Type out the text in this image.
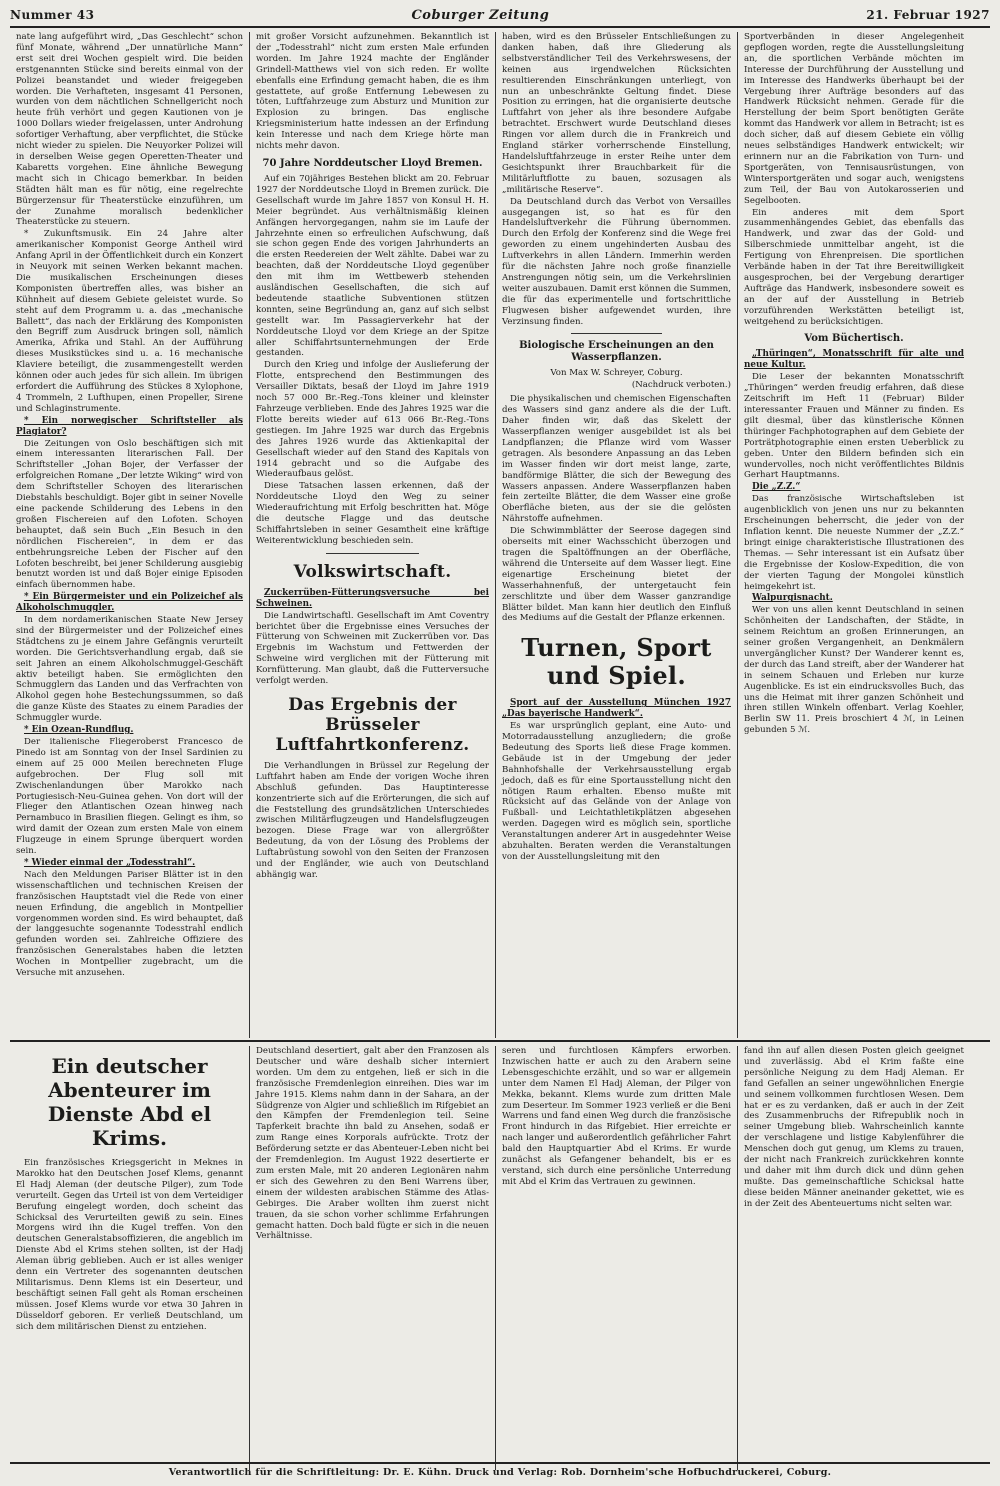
Nummer 43	Coburger Zeitung	21. Februar 1927

nate lang aufgeführt wird, „Das Geschlecht“ schon fünf Monate, während „Der unnatürliche Mann“ erst seit drei Wochen gespielt wird. Die beiden erstgenannten Stücke sind bereits einmal von der Polizei beanstandet und wieder freigegeben worden. Die Verhafteten, insgesamt 41 Personen, wurden von dem nächtlichen Schnellgericht noch heute früh verhört und gegen Kautionen von je 1000 Dollars wieder freigelassen, unter Androhung sofortiger Verhaftung, aber verpflichtet, die Stücke nicht wieder zu spielen. Die Neuyorker Polizei will in derselben Weise gegen Operetten-Theater und Kabaretts vorgehen. Eine ähnliche Bewegung macht sich in Chicago bemerkbar. In beiden Städten hält man es für nötig, eine regelrechte Bürgerzensur für Theaterstücke einzuführen, um der Zunahme moralisch bedenklicher Theaterstücke zu steuern.

* Zukunftsmusik. Ein 24 Jahre alter amerikanischer Komponist George Antheil wird Anfang April in der Öffentlichkeit durch ein Konzert in Neuyork mit seinen Werken bekannt machen. Die musikalischen Erscheinungen dieses Komponisten übertreffen alles, was bisher an Kühnheit auf diesem Gebiete geleistet wurde. So steht auf dem Programm u. a. das „mechanische Ballett“, das nach der Erklärung des Komponisten den Begriff zum Ausdruck bringen soll, nämlich Amerika, Afrika und Stahl. An der Aufführung dieses Musikstückes sind u. a. 16 mechanische Klaviere beteiligt, die zusammengestellt werden können oder auch jedes für sich allein. Im übrigen erfordert die Aufführung des Stückes 8 Xylophone, 4 Trommeln, 2 Lufthupen, einen Propeller, Sirene und Schlaginstrumente.

* Ein norwegischer Schriftsteller als Plagiator?

Die Zeitungen von Oslo beschäftigen sich mit einem interessanten literarischen Fall. Der Schriftsteller „Johan Bojer, der Verfasser der erfolgreichen Romane „Der letzte Wiking“ wird von dem Schriftsteller Schoyen des literarischen Diebstahls beschuldigt. Bojer gibt in seiner Novelle eine packende Schilderung des Lebens in den großen Fischereien auf den Lofoten. Schoyen behauptet, daß sein Buch „Ein Besuch in den nördlichen Fischereien“, in dem er das entbehrungsreiche Leben der Fischer auf den Lofoten beschreibt, bei jener Schilderung ausgiebig benutzt worden ist und daß Bojer einige Episoden einfach übernommen habe.

* Ein Bürgermeister und ein Polizeichef als Alkoholschmuggler.

In dem nordamerikanischen Staate New Jersey sind der Bürgermeister und der Polizeichef eines Städtchens zu je einem Jahre Gefängnis verurteilt worden. Die Gerichtsverhandlung ergab, daß sie seit Jahren an einem Alkoholschmuggel-Geschäft aktiv beteiligt haben. Sie ermöglichten den Schmugglern das Landen und das Verfrachten von Alkohol gegen hohe Bestechungssummen, so daß die ganze Küste des Staates zu einem Paradies der Schmuggler wurde.

* Ein Ozean-Rundflug.

Der italienische Fliegeroberst Francesco de Pinedo ist am Sonntag von der Insel Sardinien zu einem auf 25 000 Meilen berechneten Fluge aufgebrochen. Der Flug soll mit Zwischenlandungen über Marokko nach Portugiesisch-Neu-Guinea gehen. Von dort will der Flieger den Atlantischen Ozean hinweg nach Pernambuco in Brasilien fliegen. Gelingt es ihm, so wird damit der Ozean zum ersten Male von einem Flugzeuge in einem Sprunge überquert worden sein.

* Wieder einmal der „Todesstrahl“.

Nach den Meldungen Pariser Blätter ist in den wissenschaftlichen und technischen Kreisen der französischen Hauptstadt viel die Rede von einer neuen Erfindung, die angeblich in Montpellier vorgenommen worden sind. Es wird behauptet, daß der langgesuchte sogenannte Todesstrahl endlich gefunden worden sei. Zahlreiche Offiziere des französischen Generalstabes haben die letzten Wochen in Montpellier zugebracht, um die Versuche mit anzusehen.

mit großer Vorsicht aufzunehmen. Bekanntlich ist der „Todesstrahl“ nicht zum ersten Male erfunden worden. Im Jahre 1924 machte der Engländer Grindell-Matthews viel von sich reden. Er wollte ebenfalls eine Erfindung gemacht haben, die es ihm gestattete, auf große Entfernung Lebewesen zu töten, Luftfahrzeuge zum Absturz und Munition zur Explosion zu bringen. Das englische Kriegsministerium hatte indessen an der Erfindung kein Interesse und nach dem Kriege hörte man nichts mehr davon.

70 Jahre Norddeutscher Lloyd Bremen.

Auf ein 70jähriges Bestehen blickt am 20. Februar 1927 der Norddeutsche Lloyd in Bremen zurück. Die Gesellschaft wurde im Jahre 1857 von Konsul H. H. Meier begründet. Aus verhältnismäßig kleinen Anfängen hervorgegangen, nahm sie im Laufe der Jahrzehnte einen so erfreulichen Aufschwung, daß sie schon gegen Ende des vorigen Jahrhunderts an die ersten Reedereien der Welt zählte. Dabei war zu beachten, daß der Norddeutsche Lloyd gegenüber den mit ihm im Wettbewerb stehenden ausländischen Gesellschaften, die sich auf bedeutende staatliche Subventionen stützen konnten, seine Begründung an, ganz auf sich selbst gestellt war. Im Passagierverkehr hat der Norddeutsche Lloyd vor dem Kriege an der Spitze aller Schiffahrtsunternehmungen der Erde gestanden.

Durch den Krieg und infolge der Auslieferung der Flotte, entsprechend den Bestimmungen des Versailler Diktats, besaß der Lloyd im Jahre 1919 noch 57 000 Br.-Reg.-Tons kleiner und kleinster Fahrzeuge verblieben. Ende des Jahres 1925 war die Flotte bereits wieder auf 613 066 Br.-Reg.-Tons gestiegen. Im Jahre 1925 war durch das Ergebnis des Jahres 1926 wurde das Aktienkapital der Gesellschaft wieder auf den Stand des Kapitals von 1914 gebracht und so die Aufgabe des Wiederaufbaus gelöst.

Diese Tatsachen lassen erkennen, daß der Norddeutsche Lloyd den Weg zu seiner Wiederaufrichtung mit Erfolg beschritten hat. Möge die deutsche Flagge und das deutsche Schiffahrtsleben in seiner Gesamtheit eine kräftige Weiterentwicklung beschieden sein.

Volkswirtschaft.

Zuckerrüben-Fütterungsversuche bei Schweinen.

Die Landwirtschaftl. Gesellschaft im Amt Coventry berichtet über die Ergebnisse eines Versuches der Fütterung von Schweinen mit Zuckerrüben vor. Das Ergebnis im Wachstum und Fettwerden der Schweine wird verglichen mit der Fütterung mit Kornfütterung. Man glaubt, daß die Futterversuche verfolgt werden.

Das Ergebnis der Brüsseler Luftfahrtkonferenz.

Die Verhandlungen in Brüssel zur Regelung der Luftfahrt haben am Ende der vorigen Woche ihren Abschluß gefunden. Das Hauptinteresse konzentrierte sich auf die Erörterungen, die sich auf die Feststellung des grundsätzlichen Unterschiedes zwischen Militärflugzeugen und Handelsflugzeugen bezogen. Diese Frage war von allergrößter Bedeutung, da von der Lösung des Problems der Luftabrüstung sowohl von den Seiten der Franzosen und der Engländer, wie auch von Deutschland abhängig war.

haben, wird es den Brüsseler Entschließungen zu danken haben, daß ihre Gliederung als selbstverständlicher Teil des Verkehrswesens, der keinen aus irgendwelchen Rücksichten resultierenden Einschränkungen unterliegt, von nun an unbeschränkte Geltung findet. Diese Position zu erringen, hat die organisierte deutsche Luftfahrt von jeher als ihre besondere Aufgabe betrachtet. Erschwert wurde Deutschland dieses Ringen vor allem durch die in Frankreich und England stärker vorherrschende Einstellung, Handelsluftfahrzeuge in erster Reihe unter dem Gesichtspunkt ihrer Brauchbarkeit für die Militärluftflotte zu bauen, sozusagen als „militärische Reserve“.

Da Deutschland durch das Verbot von Versailles ausgegangen ist, so hat es für den Handelsluftverkehr die Führung übernommen. Durch den Erfolg der Konferenz sind die Wege frei geworden zu einem ungehinderten Ausbau des Luftverkehrs in allen Ländern. Immerhin werden für die nächsten Jahre noch große finanzielle Anstrengungen nötig sein, um die Verkehrslinien weiter auszubauen. Damit erst können die Summen, die für das experimentelle und fortschrittliche Flugwesen bisher aufgewendet wurden, ihre Verzinsung finden.

Biologische Erscheinungen an den Wasserpflanzen.
Von Max W. Schreyer, Coburg.
(Nachdruck verboten.)

Die physikalischen und chemischen Eigenschaften des Wassers sind ganz andere als die der Luft. Daher finden wir, daß das Skelett der Wasserpflanzen weniger ausgebildet ist als bei Landpflanzen; die Pflanze wird vom Wasser getragen. Als besondere Anpassung an das Leben im Wasser finden wir dort meist lange, zarte, bandförmige Blätter, die sich der Bewegung des Wassers anpassen. Andere Wasserpflanzen haben fein zerteilte Blätter, die dem Wasser eine große Oberfläche bieten, aus der sie die gelösten Nährstoffe aufnehmen.

Die Schwimmblätter der Seerose dagegen sind oberseits mit einer Wachsschicht überzogen und tragen die Spaltöffnungen an der Oberfläche, während die Unterseite auf dem Wasser liegt. Eine eigenartige Erscheinung bietet der Wasserhahnenfuß, der untergetaucht fein zerschlitzte und über dem Wasser ganzrandige Blätter bildet. Man kann hier deutlich den Einfluß des Mediums auf die Gestalt der Pflanze erkennen.

Turnen, Sport und Spiel.

Sport auf der Ausstellung München 1927 „Das bayerische Handwerk“.

Es war ursprünglich geplant, eine Auto- und Motorradausstellung anzugliedern; die große Bedeutung des Sports ließ diese Frage kommen. Gebäude ist in der Umgebung der jeder Bahnhofshalle der Verkehrsausstellung ergab jedoch, daß es für eine Sportausstellung nicht den nötigen Raum erhalten. Ebenso mußte mit Rücksicht auf das Gelände von der Anlage von Fußball- und Leichtathletikplätzen abgesehen werden. Dagegen wird es möglich sein, sportliche Veranstaltungen anderer Art in ausgedehnter Weise abzuhalten. Beraten werden die Veranstaltungen von der Ausstellungsleitung mit den

Sportverbänden in dieser Angelegenheit gepflogen worden, regte die Ausstellungsleitung an, die sportlichen Verbände möchten im Interesse der Durchführung der Ausstellung und im Interesse des Handwerks überhaupt bei der Vergebung ihrer Aufträge besonders auf das Handwerk Rücksicht nehmen. Gerade für die Herstellung der beim Sport benötigten Geräte kommt das Handwerk vor allem in Betracht; ist es doch sicher, daß auf diesem Gebiete ein völlig neues selbständiges Handwerk entwickelt; wir erinnern nur an die Fabrikation von Turn- und Sportgeräten, von Tennisausrüstungen, von Wintersportgeräten und sogar auch, wenigstens zum Teil, der Bau von Autokarosserien und Segelbooten.

Ein anderes mit dem Sport zusammenhängendes Gebiet, das ebenfalls das Handwerk, und zwar das der Gold- und Silberschmiede unmittelbar angeht, ist die Fertigung von Ehrenpreisen. Die sportlichen Verbände haben in der Tat ihre Bereitwilligkeit ausgesprochen, bei der Vergebung derartiger Aufträge das Handwerk, insbesondere soweit es an der auf der Ausstellung in Betrieb vorzuführenden Werkstätten beteiligt ist, weitgehend zu berücksichtigen.

Vom Büchertisch.

„Thüringen“, Monatsschrift für alte und neue Kultur.

Die Leser der bekannten Monatsschrift „Thüringen“ werden freudig erfahren, daß diese Zeitschrift im Heft 11 (Februar) Bilder interessanter Frauen und Männer zu finden. Es gilt diesmal, über das künstlerische Können thüringer Fachphotographen auf dem Gebiete der Porträtphotographie einen ersten Ueberblick zu geben. Unter den Bildern befinden sich ein wundervolles, noch nicht veröffentlichtes Bildnis Gerhart Hauptmanns.

Die „Z.Z.“

Das französische Wirtschaftsleben ist augenblicklich von jenen uns nur zu bekannten Erscheinungen beherrscht, die jeder von der Inflation kennt. Die neueste Nummer der „Z.Z.“ bringt einige charakteristische Illustrationen des Themas. — Sehr interessant ist ein Aufsatz über die Ergebnisse der Koslow-Expedition, die von der vierten Tagung der Mongolei künstlich heimgekehrt ist.

Walpurgisnacht.

Wer von uns allen kennt Deutschland in seinen Schönheiten der Landschaften, der Städte, in seinem Reichtum an großen Erinnerungen, an seiner großen Vergangenheit, an Denkmälern unvergänglicher Kunst? Der Wanderer kennt es, der durch das Land streift, aber der Wanderer hat in seinem Schauen und Erleben nur kurze Augenblicke. Es ist ein eindrucksvolles Buch, das uns die Heimat mit ihrer ganzen Schönheit und ihren stillen Winkeln offenbart. Verlag Koehler, Berlin SW 11. Preis broschiert 4 ℳ, in Leinen gebunden 5 ℳ.

Ein deutscher Abenteurer im Dienste Abd el Krims.

Ein französisches Kriegsgericht in Meknes in Marokko hat den Deutschen Josef Klems, genannt El Hadj Aleman (der deutsche Pilger), zum Tode verurteilt. Gegen das Urteil ist von dem Verteidiger Berufung eingelegt worden, doch scheint das Schicksal des Verurteilten gewiß zu sein. Eines Morgens wird ihn die Kugel treffen. Von den deutschen Generalstabsoffizieren, die angeblich im Dienste Abd el Krims stehen sollten, ist der Hadj Aleman übrig geblieben. Auch er ist alles weniger denn ein Vertreter des sogenannten deutschen Militarismus. Denn Klems ist ein Deserteur, und beschäftigt seinen Fall geht als Roman erscheinen müssen. Josef Klems wurde vor etwa 30 Jahren in Düsseldorf geboren. Er verließ Deutschland, um sich dem militärischen Dienst zu entziehen.

Deutschland desertiert, galt aber den Franzosen als Deutscher und wäre deshalb sicher interniert worden. Um dem zu entgehen, ließ er sich in die französische Fremdenlegion einreihen. Dies war im Jahre 1915. Klems nahm dann in der Sahara, an der Südgrenze von Algier und schließlich im Rifgebiet an den Kämpfen der Fremdenlegion teil. Seine Tapferkeit brachte ihn bald zu Ansehen, sodaß er zum Range eines Korporals aufrückte. Trotz der Beförderung setzte er das Abenteuer-Leben nicht bei der Fremdenlegion. Im August 1922 desertierte er zum ersten Male, mit 20 anderen Legionären nahm er sich des Gewehren zu den Beni Warrens über, einem der wildesten arabischen Stämme des Atlas-Gebirges. Die Araber wollten ihm zuerst nicht trauen, da sie schon vorher schlimme Erfahrungen gemacht hatten. Doch bald fügte er sich in die neuen Verhältnisse.

seren und furchtlosen Kämpfers erworben. Inzwischen hatte er auch zu den Arabern seine Lebensgeschichte erzählt, und so war er allgemein unter dem Namen El Hadj Aleman, der Pilger von Mekka, bekannt. Klems wurde zum dritten Male zum Deserteur. Im Sommer 1923 verließ er die Beni Warrens und fand einen Weg durch die französische Front hindurch in das Rifgebiet. Hier erreichte er nach langer und außerordentlich gefährlicher Fahrt bald den Hauptquartier Abd el Krims. Er wurde zunächst als Gefangener behandelt, bis er es verstand, sich durch eine persönliche Unterredung mit Abd el Krim das Vertrauen zu gewinnen.

fand ihn auf allen diesen Posten gleich geeignet und zuverlässig. Abd el Krim faßte eine persönliche Neigung zu dem Hadj Aleman. Er fand Gefallen an seiner ungewöhnlichen Energie und seinem vollkommen furchtlosen Wesen. Dem hat er es zu verdanken, daß er auch in der Zeit des Zusammenbruchs der Rifrepublik noch in seiner Umgebung blieb. Wahrscheinlich kannte der verschlagene und listige Kabylenführer die Menschen doch gut genug, um Klems zu trauen, der nicht nach Frankreich zurückkehren konnte und daher mit ihm durch dick und dünn gehen mußte. Das gemeinschaftliche Schicksal hatte diese beiden Männer aneinander gekettet, wie es in der Zeit des Abenteuertums nicht selten war.

Verantwortlich für die Schriftleitung: Dr. E. Kühn. Druck und Verlag: Rob. Dornheim'sche Hofbuchdruckerei, Coburg.
